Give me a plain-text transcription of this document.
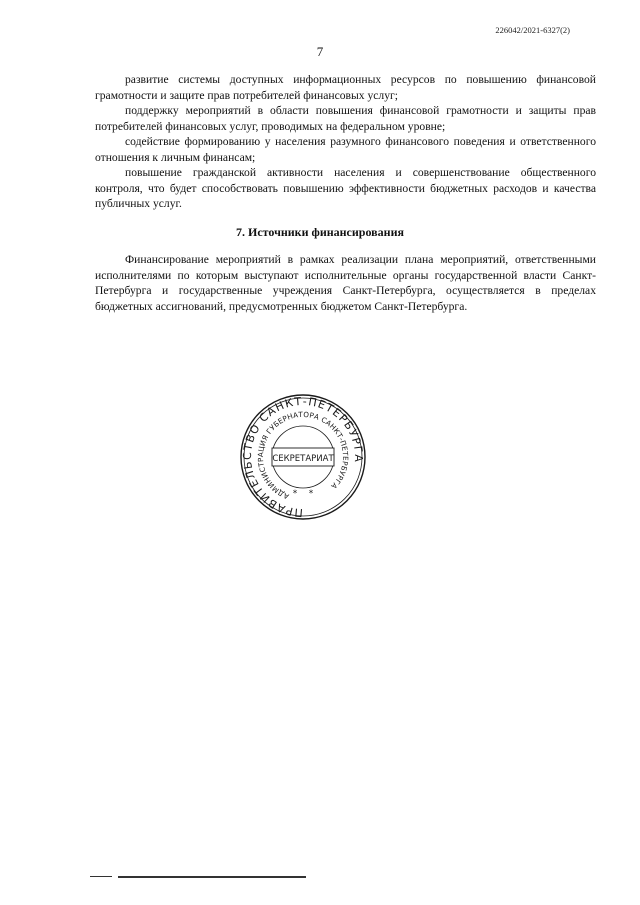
226042/2021-6327(2)
7

развитие системы доступных информационных ресурсов по повышению финансовой грамотности и защите прав потребителей финансовых услуг;

поддержку мероприятий в области повышения финансовой грамотности и защиты прав потребителей финансовых услуг, проводимых на федеральном уровне;

содействие формированию у населения разумного финансового поведения и ответственного отношения к личным финансам;

повышение гражданской активности населения и совершенствование общественного контроля, что будет способствовать повышению эффективности бюджетных расходов и качества публичных услуг.

7. Источники финансирования

Финансирование мероприятий в рамках реализации плана мероприятий, ответственными исполнителями по которым выступают исполнительные органы государственной власти Санкт-Петербурга и государственные учреждения Санкт-Петербурга, осуществляется в пределах бюджетных ассигнований, предусмотренных бюджетом Санкт-Петербурга.

ПРАВИТЕЛЬСТВО САНКТ-ПЕТЕРБУРГА
АДМИНИСТРАЦИЯ ГУБЕРНАТОРА САНКТ-ПЕТЕРБУРГА
СЕКРЕТАРИАТ
* *
